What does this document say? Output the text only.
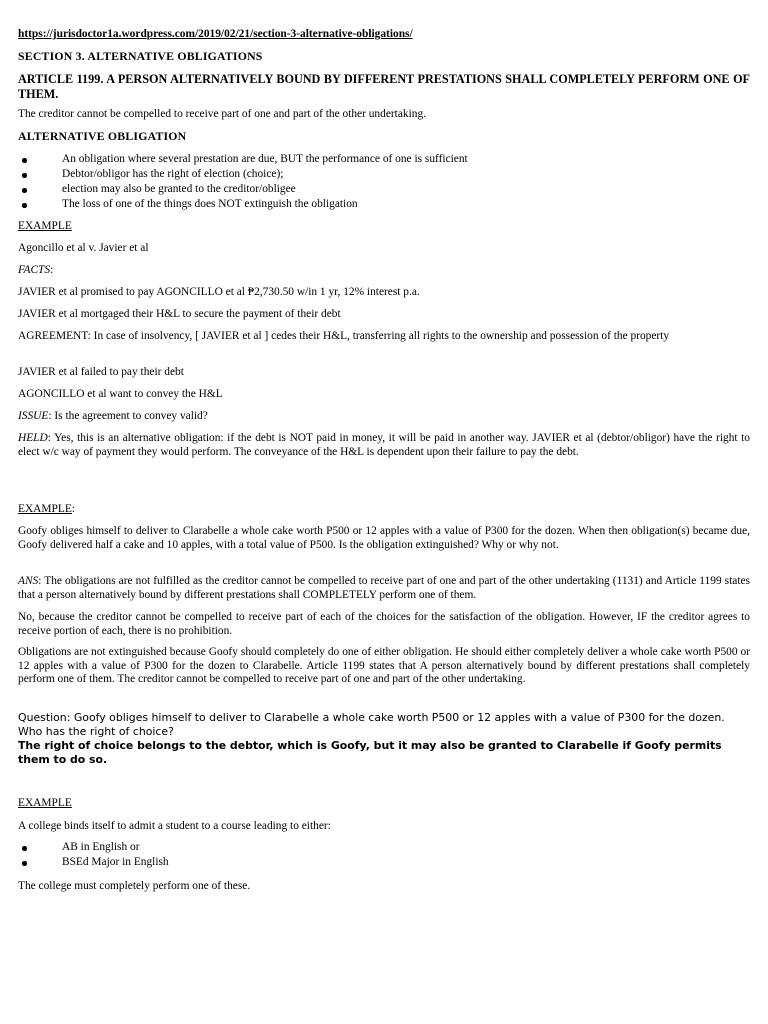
https://jurisdoctor1a.wordpress.com/2019/02/21/section-3-alternative-obligations/
SECTION 3. ALTERNATIVE OBLIGATIONS
ARTICLE 1199. A PERSON ALTERNATIVELY BOUND BY DIFFERENT PRESTATIONS SHALL COMPLETELY PERFORM ONE OF THEM.
The creditor cannot be compelled to receive part of one and part of the other undertaking.
ALTERNATIVE OBLIGATION
An obligation where several prestation are due, BUT the performance of one is sufficient
Debtor/obligor has the right of election (choice);
election may also be granted to the creditor/obligee
The loss of one of the things does NOT extinguish the obligation
EXAMPLE
Agoncillo et al v. Javier et al
FACTS:
JAVIER et al promised to pay AGONCILLO et al ₱2,730.50 w/in 1 yr, 12% interest p.a.
JAVIER et al mortgaged their H&L to secure the payment of their debt
AGREEMENT: In case of insolvency, [ JAVIER et al ] cedes their H&L, transferring all rights to the ownership and possession of the property
JAVIER et al failed to pay their debt
AGONCILLO et al want to convey the H&L
ISSUE: Is the agreement to convey valid?
HELD: Yes, this is an alternative obligation: if the debt is NOT paid in money, it will be paid in another way. JAVIER et al (debtor/obligor) have the right to elect w/c way of payment they would perform. The conveyance of the H&L is dependent upon their failure to pay the debt.
EXAMPLE:
Goofy obliges himself to deliver to Clarabelle a whole cake worth P500 or 12 apples with a value of P300 for the dozen. When then obligation(s) became due, Goofy delivered half a cake and 10 apples, with a total value of P500. Is the obligation extinguished? Why or why not.
ANS: The obligations are not fulfilled as the creditor cannot be compelled to receive part of one and part of the other undertaking (1131) and Article 1199 states that a person alternatively bound by different prestations shall COMPLETELY perform one of them.
No, because the creditor cannot be compelled to receive part of each of the choices for the satisfaction of the obligation. However, IF the creditor agrees to receive portion of each, there is no prohibition.
Obligations are not extinguished because Goofy should completely do one of either obligation. He should either completely deliver a whole cake worth P500 or 12 apples with a value of P300 for the dozen to Clarabelle. Article 1199 states that A person alternatively bound by different prestations shall completely perform one of them. The creditor cannot be compelled to receive part of one and part of the other undertaking.
Question: Goofy obliges himself to deliver to Clarabelle a whole cake worth P500 or 12 apples with a value of P300 for the dozen. Who has the right of choice?
The right of choice belongs to the debtor, which is Goofy, but it may also be granted to Clarabelle if Goofy permits them to do so.
EXAMPLE
A college binds itself to admit a student to a course leading to either:
AB in English or
BSEd Major in English
The college must completely perform one of these.
